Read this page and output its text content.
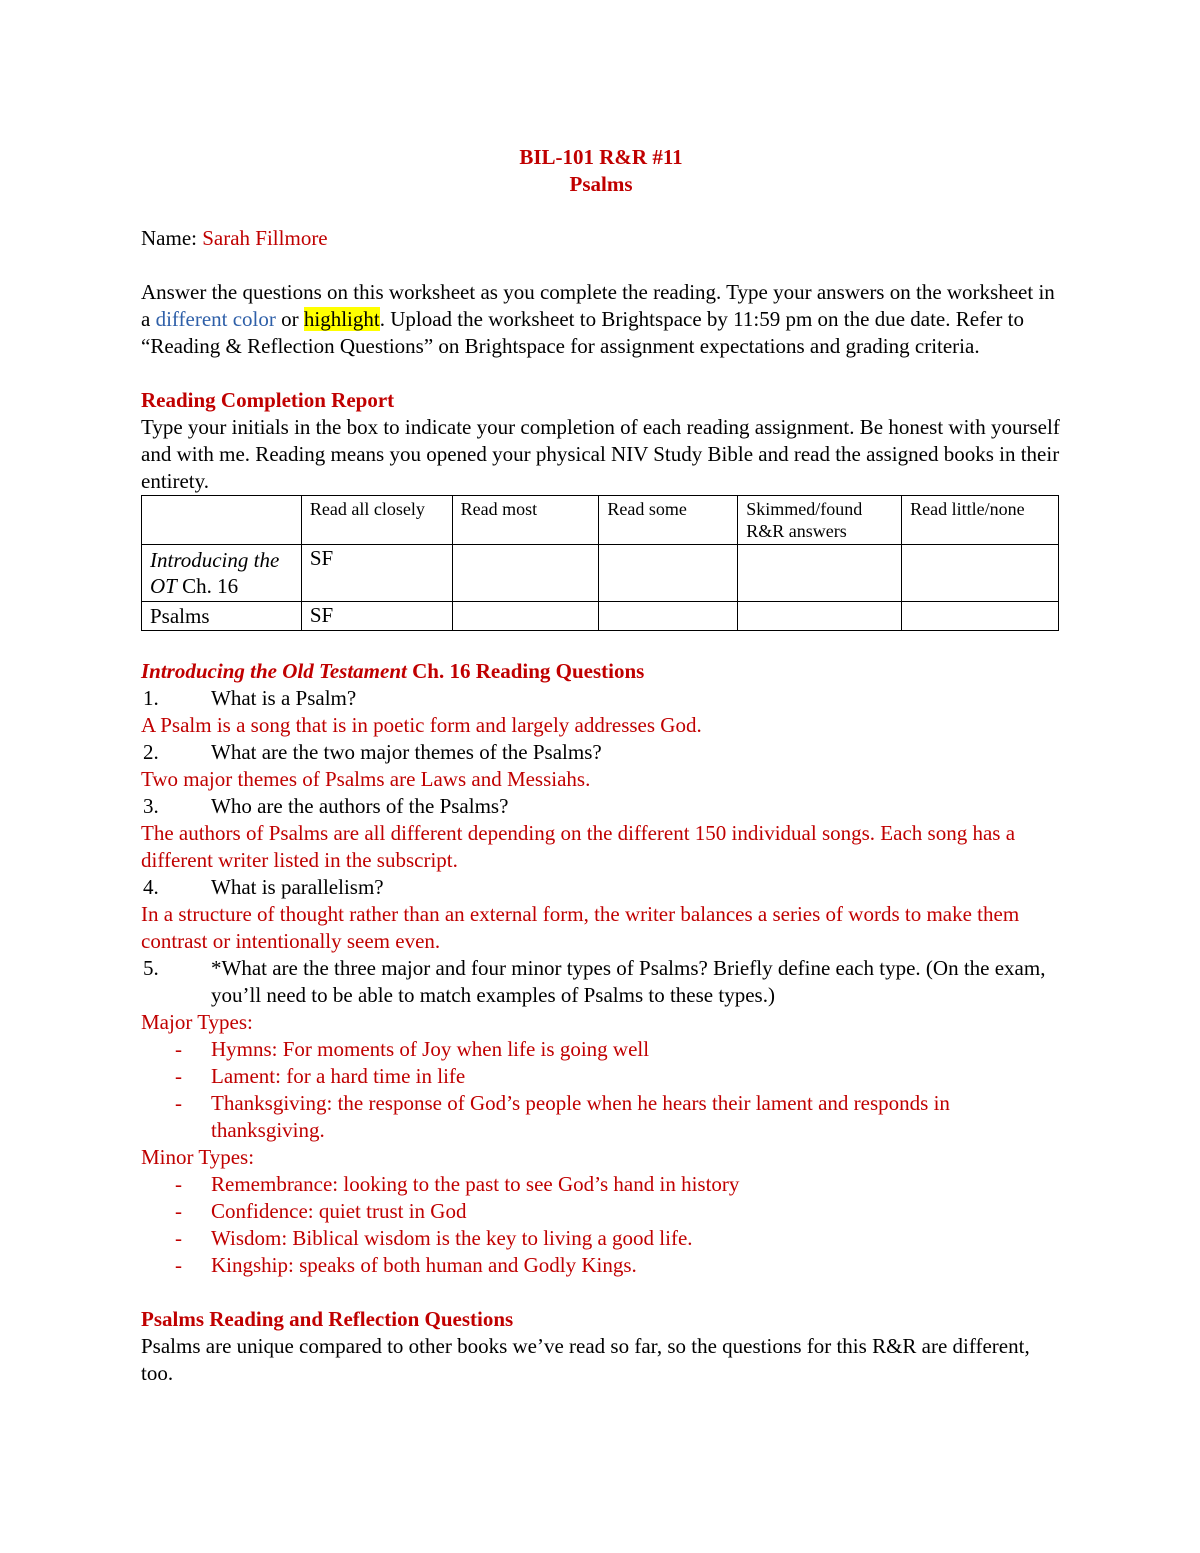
BIL-101 R&R #11

Psalms

Name: Sarah Fillmore

Answer the questions on this worksheet as you complete the reading. Type your answers on the worksheet in a different color or highlight. Upload the worksheet to Brightspace by 11:59 pm on the due date. Refer to “Reading & Reflection Questions” on Brightspace for assignment expectations and grading criteria.

Reading Completion Report

Type your initials in the box to indicate your completion of each reading assignment. Be honest with yourself and with me. Reading means you opened your physical NIV Study Bible and read the assigned books in their entirety.

	Read all closely	Read most	Read some	Skimmed/found R&R answers	Read little/none
Introducing the OT Ch. 16	SF				
Psalms	SF				

Introducing the Old Testament Ch. 16 Reading Questions

1. What is a Psalm?

A Psalm is a song that is in poetic form and largely addresses God.

2. What are the two major themes of the Psalms?

Two major themes of Psalms are Laws and Messiahs.

3. Who are the authors of the Psalms?

The authors of Psalms are all different depending on the different 150 individual songs. Each song has a different writer listed in the subscript.

4. What is parallelism?

In a structure of thought rather than an external form, the writer balances a series of words to make them contrast or intentionally seem even.

5. *What are the three major and four minor types of Psalms? Briefly define each type. (On the exam, you’ll need to be able to match examples of Psalms to these types.)

Major Types:

- Hymns: For moments of Joy when life is going well

- Lament: for a hard time in life

- Thanksgiving: the response of God’s people when he hears their lament and responds in thanksgiving.

Minor Types:

- Remembrance: looking to the past to see God’s hand in history

- Confidence: quiet trust in God

- Wisdom: Biblical wisdom is the key to living a good life.

- Kingship: speaks of both human and Godly Kings.

Psalms Reading and Reflection Questions

Psalms are unique compared to other books we’ve read so far, so the questions for this R&R are different, too.
